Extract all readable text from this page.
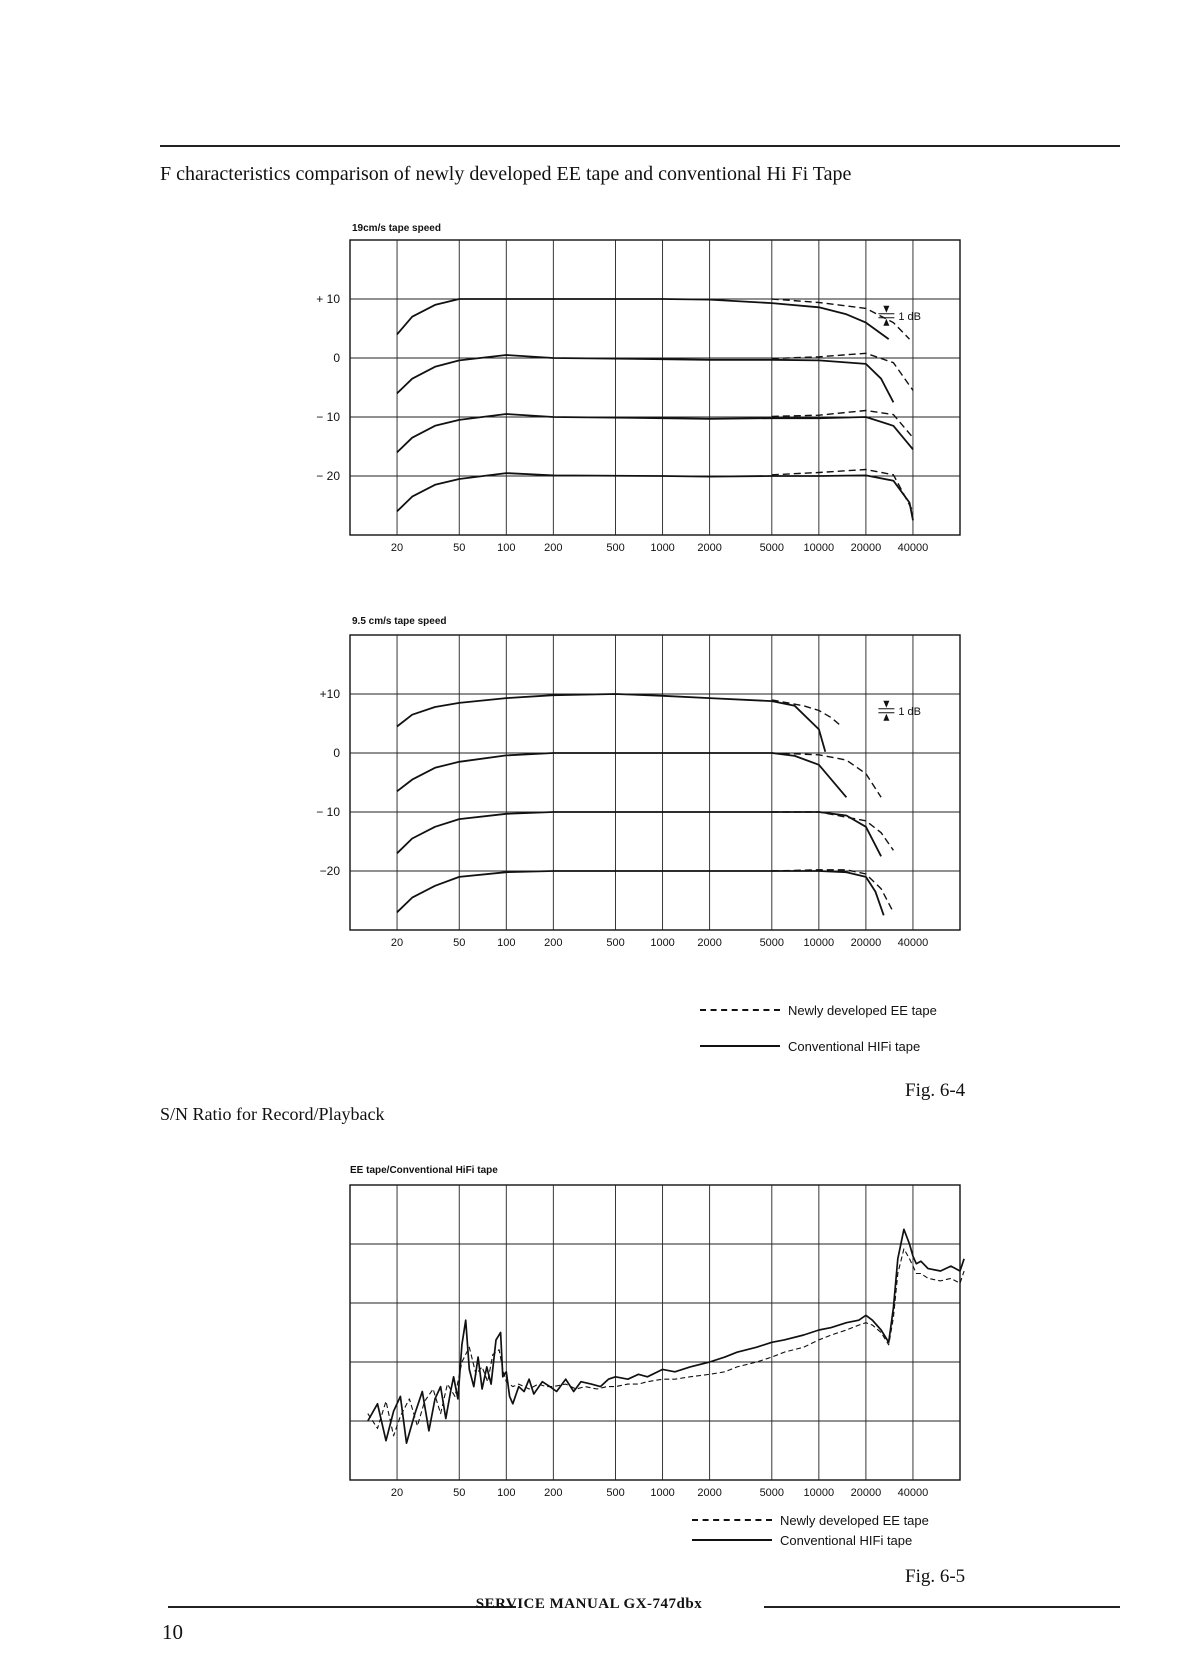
F characteristics comparison of newly developed EE tape and conventional Hi Fi Tape
19cm/s tape speed
20	50	100	200	500 1000 2000	5000 10000 20000 40000
+ 10
0
− 10
− 20
1 dB
9.5 cm/s tape speed
20	50	100	200	500 1000 2000	5000 10000 20000 40000
+10
0
− 10
−20
1 dB
Newly developed EE tape
Conventional HIFi tape
Fig. 6-4
S/N Ratio for Record/Playback
EE tape/Conventional HiFi tape
20	50	100	200	500 1000 2000	5000 10000 20000 40000
Newly developed EE tape
Conventional HIFi tape
Fig. 6-5
SERVICE MANUAL GX-747dbx
10
